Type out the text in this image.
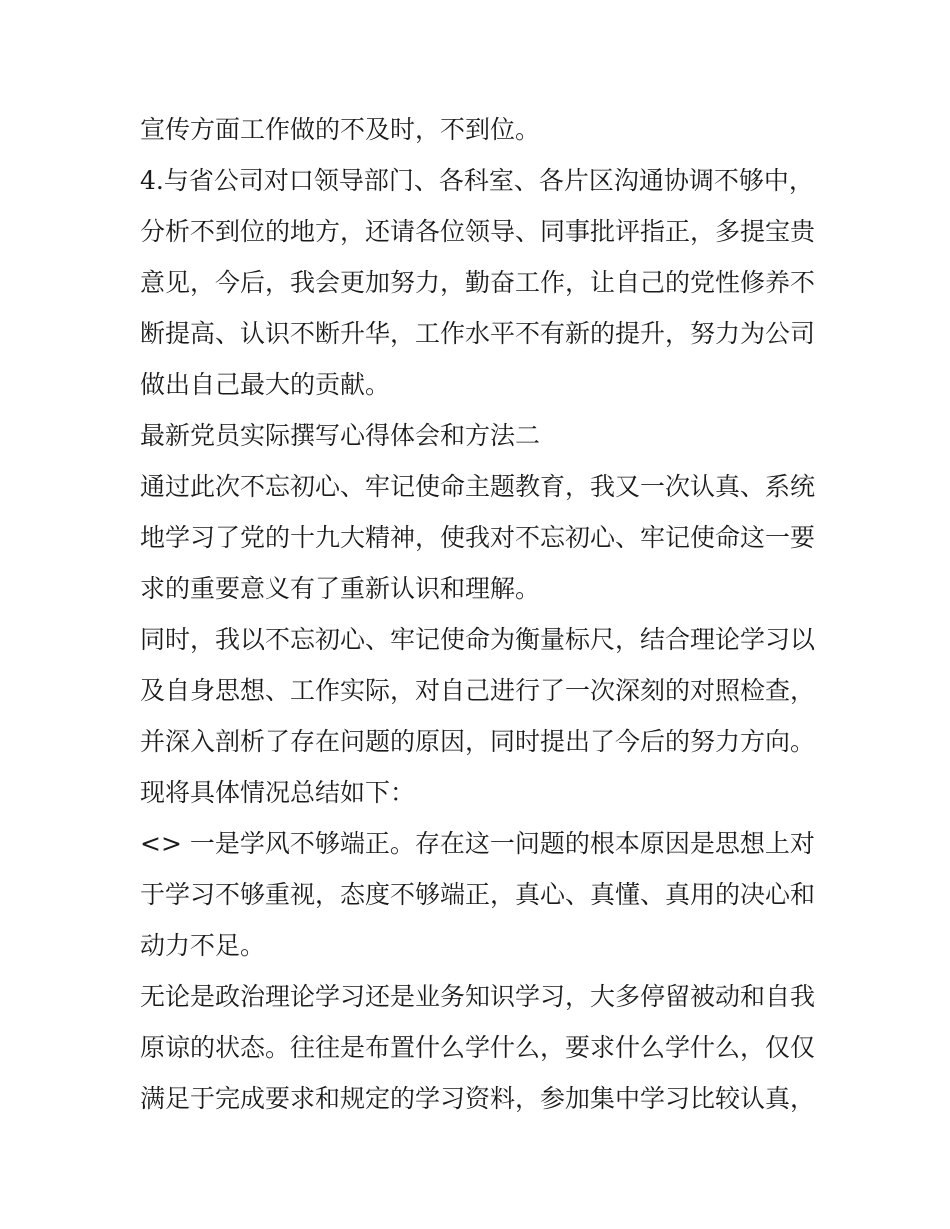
宣传方面工作做的不及时，不到位。
4.与省公司对口领导部门、各科室、各片区沟通协调不够中，
分析不到位的地方，还请各位领导、同事批评指正，多提宝贵
意见，今后，我会更加努力，勤奋工作，让自己的党性修养不
断提高、认识不断升华，工作水平不有新的提升，努力为公司
做出自己最大的贡献。
最新党员实际撰写心得体会和方法二
通过此次不忘初心、牢记使命主题教育，我又一次认真、系统
地学习了党的十九大精神，使我对不忘初心、牢记使命这一要
求的重要意义有了重新认识和理解。
同时，我以不忘初心、牢记使命为衡量标尺，结合理论学习以
及自身思想、工作实际，对自己进行了一次深刻的对照检查，
并深入剖析了存在问题的原因，同时提出了今后的努力方向。
现将具体情况总结如下：
<> 一是学风不够端正。存在这一问题的根本原因是思想上对
于学习不够重视，态度不够端正，真心、真懂、真用的决心和
动力不足。
无论是政治理论学习还是业务知识学习，大多停留被动和自我
原谅的状态。往往是布置什么学什么，要求什么学什么，仅仅
满足于完成要求和规定的学习资料，参加集中学习比较认真，
